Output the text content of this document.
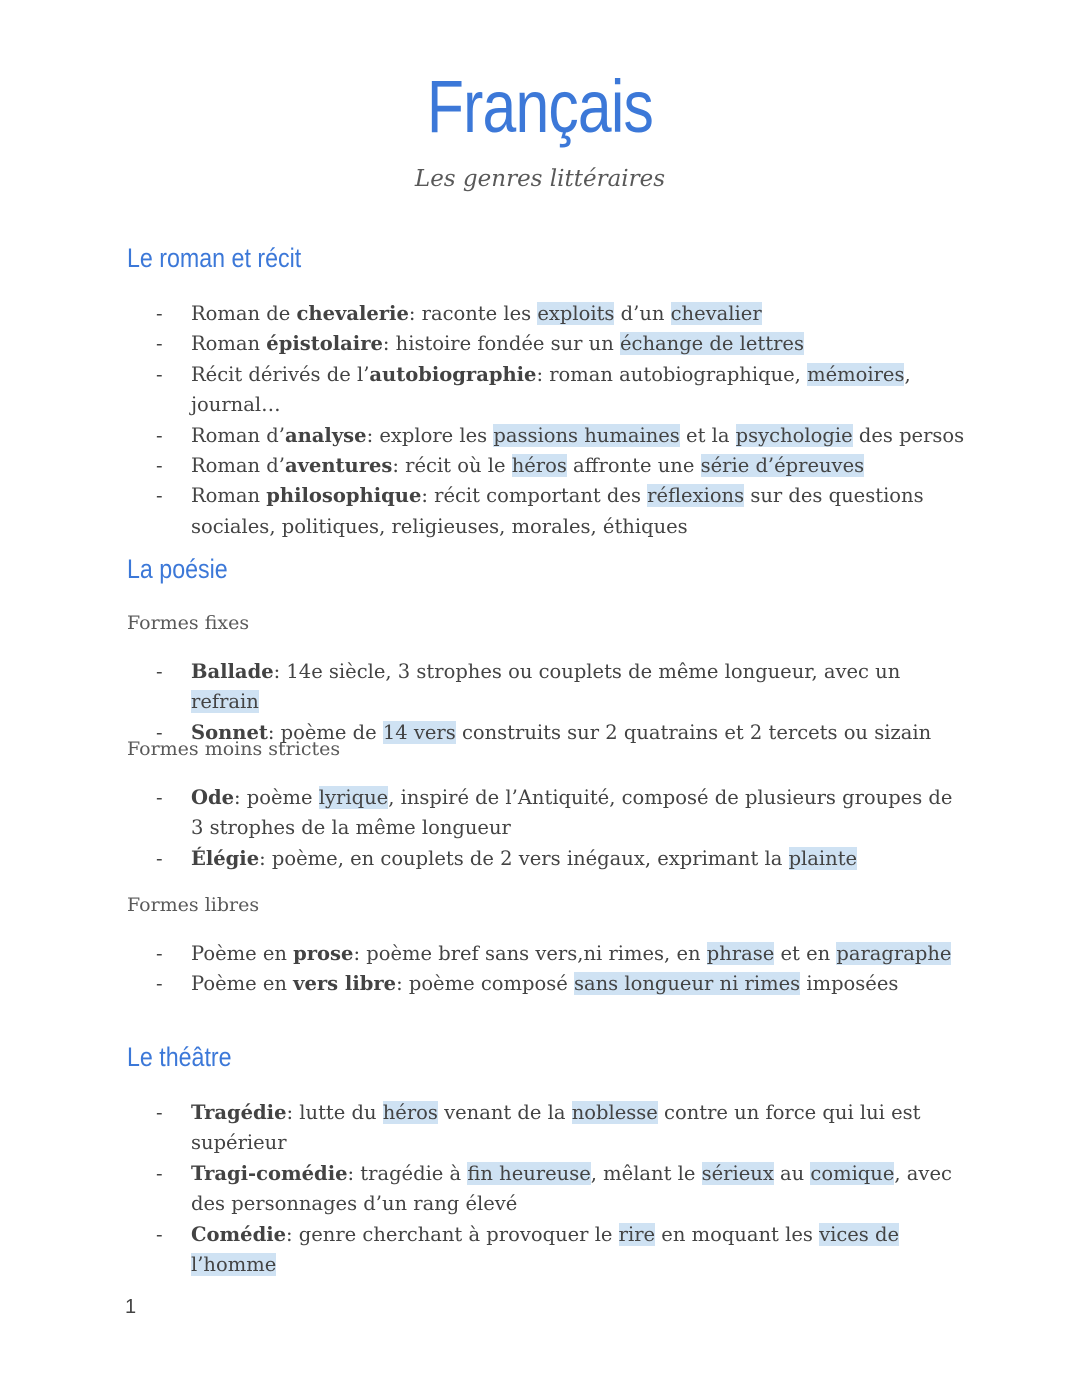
Français
Les genres littéraires
Le roman et récit
- Roman de chevalerie: raconte les exploits d’un chevalier
- Roman épistolaire: histoire fondée sur un échange de lettres
- Récit dérivés de l’autobiographie: roman autobiographique, mémoires, journal…
- Roman d’analyse: explore les passions humaines et la psychologie des persos
- Roman d’aventures: récit où le héros affronte une série d’épreuves
- Roman philosophique: récit comportant des réflexions sur des questions sociales, politiques, religieuses, morales, éthiques
La poésie
Formes fixes
- Ballade: 14e siècle, 3 strophes ou couplets de même longueur, avec un refrain
- Sonnet: poème de 14 vers construits sur 2 quatrains et 2 tercets ou sizain
Formes moins strictes
- Ode: poème lyrique, inspiré de l’Antiquité, composé de plusieurs groupes de 3 strophes de la même longueur
- Élégie: poème, en couplets de 2 vers inégaux, exprimant la plainte
Formes libres
- Poème en prose: poème bref sans vers,ni rimes, en phrase et en paragraphe
- Poème en vers libre: poème composé sans longueur ni rimes imposées
Le théâtre
- Tragédie: lutte du héros venant de la noblesse contre un force qui lui est supérieur
- Tragi-comédie: tragédie à fin heureuse, mêlant le sérieux au comique, avec des personnages d’un rang élevé
- Comédie: genre cherchant à provoquer le rire en moquant les vices de l’homme
1
